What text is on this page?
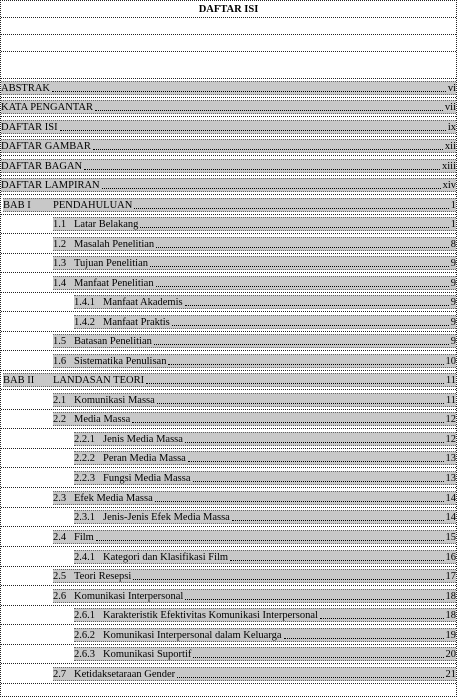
DAFTAR ISI
ABSTRAK	vi
KATA PENGANTAR	vii
DAFTAR ISI	ix
DAFTAR GAMBAR	xii
DAFTAR BAGAN	xiii
DAFTAR LAMPIRAN	xiv
BAB I	PENDAHULUAN	1
1.1 Latar Belakang	1
1.2 Masalah Penelitian	8
1.3 Tujuan Penelitian	9
1.4 Manfaat Penelitian	9
1.4.1 Manfaat Akademis	9
1.4.2 Manfaat Praktis	9
1.5 Batasan Penelitian	9
1.6 Sistematika Penulisan	10
BAB II	LANDASAN TEORI	11
2.1 Komunikasi Massa	11
2.2 Media Massa	12
2.2.1 Jenis Media Massa	12
2.2.2 Peran Media Massa	13
2.2.3 Fungsi Media Massa	13
2.3 Efek Media Massa	14
2.3.1 Jenis-Jenis Efek Media Massa	14
2.4 Film	15
2.4.1 Kategori dan Klasifikasi Film	16
2.5 Teori Resepsi	17
2.6 Komunikasi Interpersonal	18
2.6.1 Karakteristik Efektivitas Komunikasi Interpersonal	18
2.6.2 Komunikasi Interpersonal dalam Keluarga	19
2.6.3 Komunikasi Suportif	20
2.7 Ketidaksetaraan Gender	21
